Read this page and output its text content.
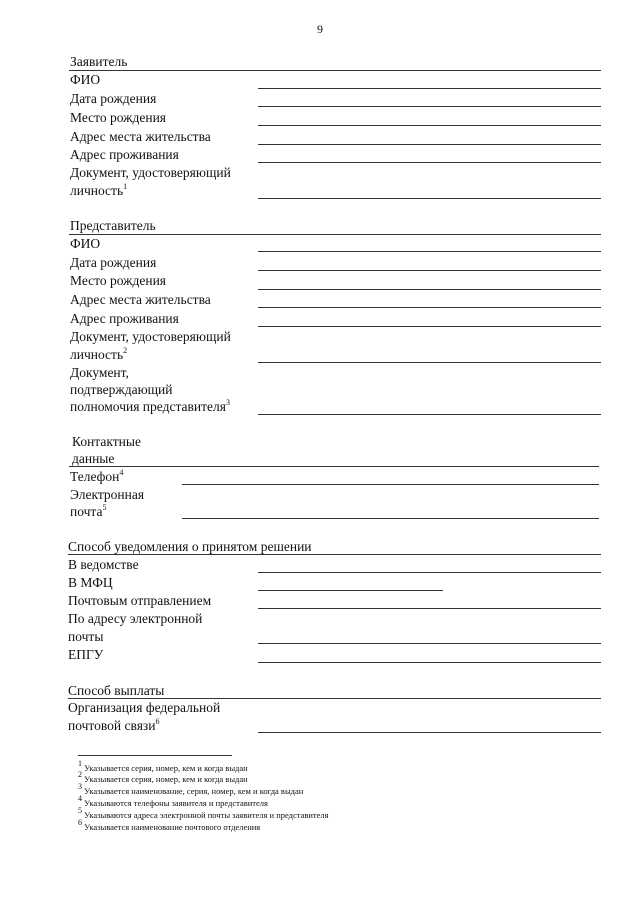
9
Заявитель
ФИО
Дата рождения
Место рождения
Адрес места жительства
Адрес проживания
Документ, удостоверяющий
личность$^1$
Представитель
ФИО
Дата рождения
Место рождения
Адрес места жительства
Адрес проживания
Документ, удостоверяющий
личность$^2$
Документ,
подтверждающий
полномочия представителя$^3$
Контактные
данные
Телефон$^4$
Электронная
почта$^5$
Способ уведомления о принятом решении
В ведомстве
В МФЦ
Почтовым отправлением
По адресу электронной
почты
ЕПГУ
Способ выплаты
Организация федеральной
почтовой связи$^6$
$^1$ Указывается серия, номер, кем и когда выдан
$^2$ Указывается серия, номер, кем и когда выдан
$^3$ Указывается наименование, серия, номер, кем и когда выдан
$^4$ Указываются телефоны заявителя и представителя
$^5$ Указываются адреса электронной почты заявителя и представителя
$^6$ Указывается наименование почтового отделения
